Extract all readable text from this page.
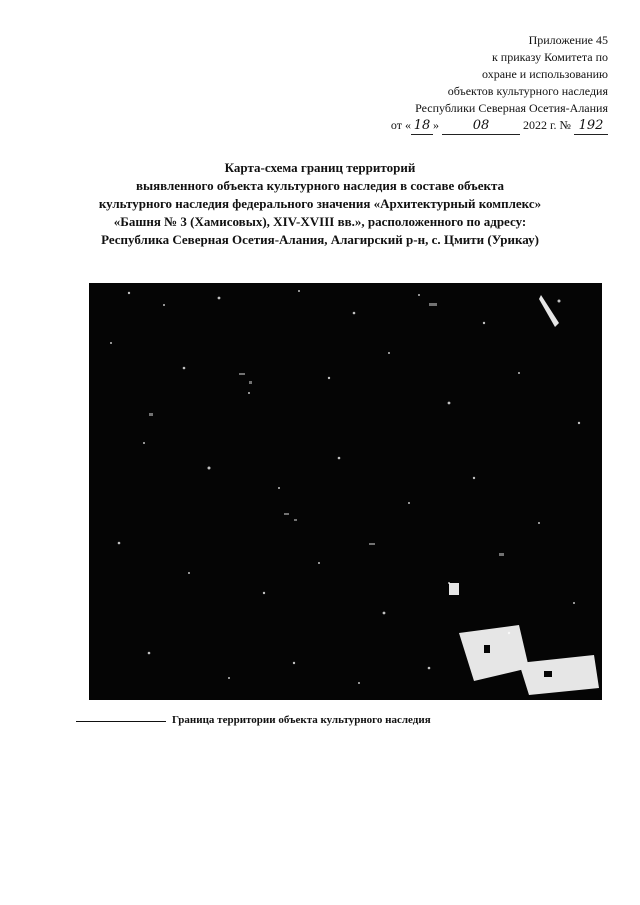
Приложение 45
к приказу Комитета по
охране и использованию
объектов культурного наследия
Республики Северная Осетия-Алания
от « 18 »	08	2022 г. № 192
Карта-схема границ территорий
выявленного объекта культурного наследия в составе объекта
культурного наследия федерального значения «Архитектурный комплекс»
«Башня № 3 (Хамисовых), XIV-XVIII вв.», расположенного по адресу:
Республика Северная Осетия-Алания, Алагирский р-н, с. Цмити (Урикау)
Граница территории объекта культурного наследия
